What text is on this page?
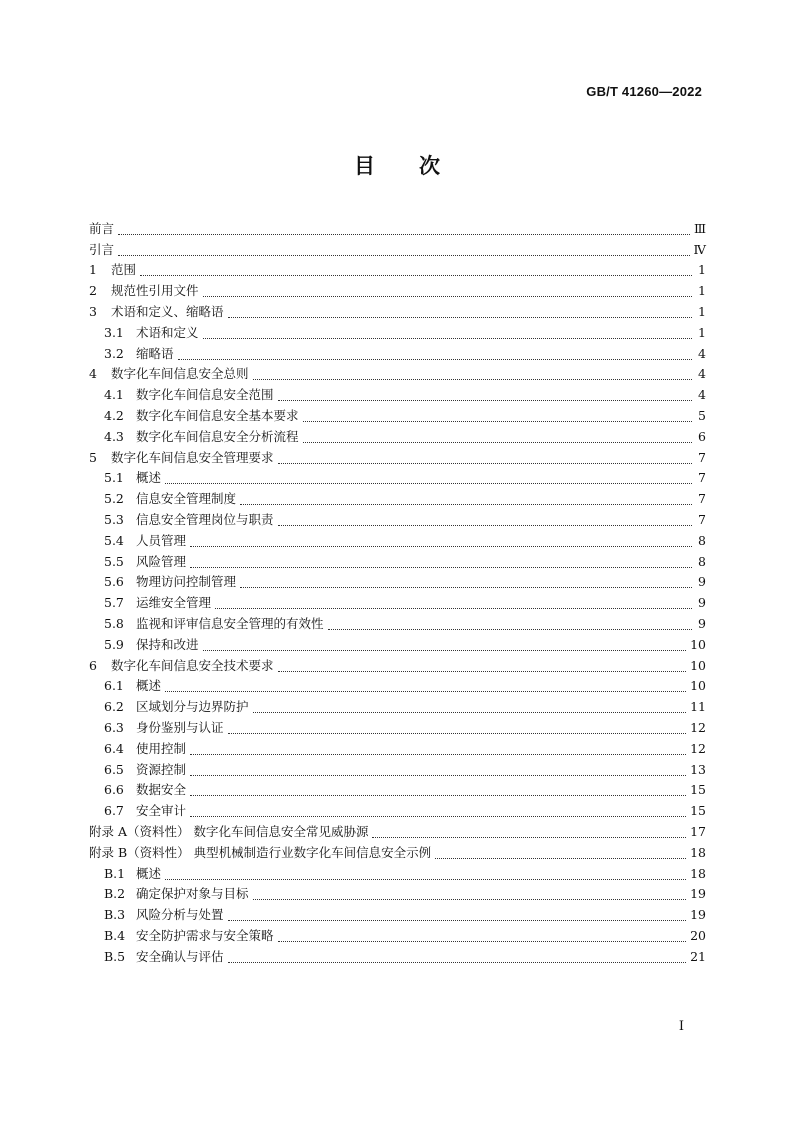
GB/T 41260—2022
目次
前言	Ⅲ
引言	Ⅳ
1	范围	1
2	规范性引用文件	1
3	术语和定义、缩略语	1
3.1 术语和定义	1
3.2 缩略语	4
4	数字化车间信息安全总则	4
4.1 数字化车间信息安全范围	4
4.2 数字化车间信息安全基本要求	5
4.3 数字化车间信息安全分析流程	6
5	数字化车间信息安全管理要求	7
5.1 概述	7
5.2 信息安全管理制度	7
5.3 信息安全管理岗位与职责	7
5.4 人员管理	8
5.5 风险管理	8
5.6 物理访问控制管理	9
5.7 运维安全管理	9
5.8 监视和评审信息安全管理的有效性	9
5.9 保持和改进	10
6	数字化车间信息安全技术要求	10
6.1 概述	10
6.2 区域划分与边界防护	11
6.3 身份鉴别与认证	12
6.4 使用控制	12
6.5 资源控制	13
6.6 数据安全	15
6.7 安全审计	15
附录 A（资料性） 数字化车间信息安全常见威胁源	17
附录 B（资料性） 典型机械制造行业数字化车间信息安全示例	18
B.1 概述	18
B.2 确定保护对象与目标	19
B.3 风险分析与处置	19
B.4 安全防护需求与安全策略	20
B.5 安全确认与评估	21
Ⅰ
